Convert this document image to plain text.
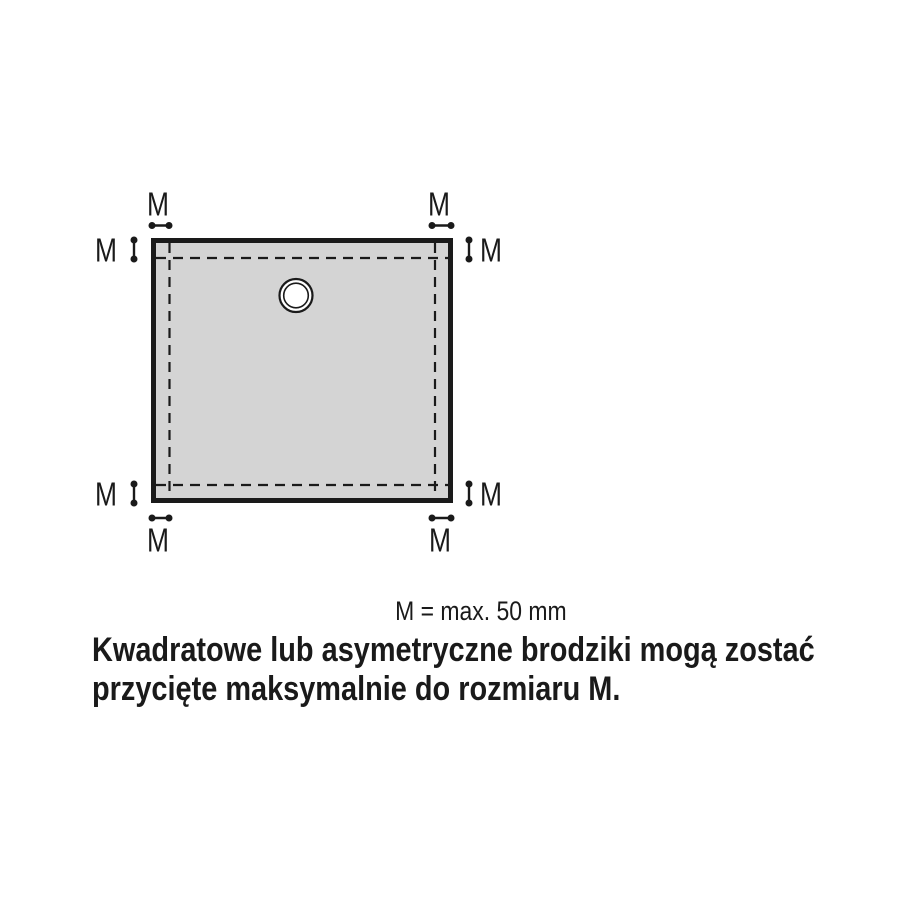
M	M
M	M
M	M
M	M
M = max. 50 mm
Kwadratowe lub asymetryczne brodziki mogą zostać
przycięte maksymalnie do rozmiaru M.
